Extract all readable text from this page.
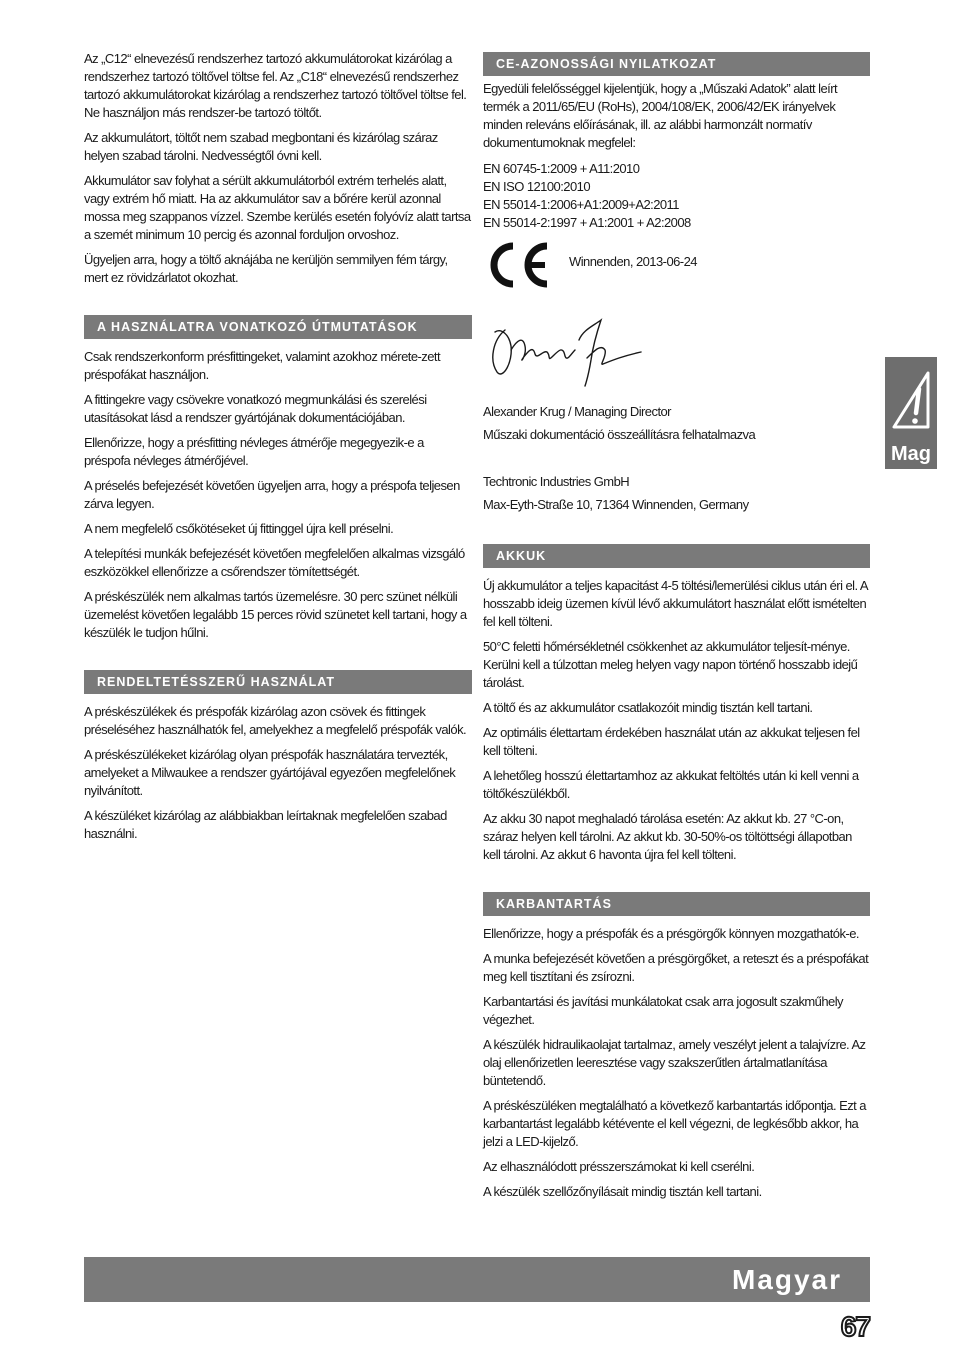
Az „C12“ elnevezésű rendszerhez tartozó akkumulátorokat kizárólag a rendszerhez tartozó töltővel töltse fel. Az „C18“ elnevezésű rendszerhez tartozó akkumulátorokat kizárólag a rendszerhez tartozó töltővel töltse fel. Ne használjon más rendszer-be tartozó töltőt.

Az akkumulátort, töltőt nem szabad megbontani és kizárólag száraz helyen szabad tárolni. Nedvességtől óvni kell.

Akkumulátor sav folyhat a sérült akkumulátorból extrém terhelés alatt, vagy extrém hő miatt. Ha az akkumulátor sav a bőrére kerül azonnal mossa meg szappanos vízzel. Szembe kerülés esetén folyóvíz alatt tartsa a szemét minimum 10 percig és azonnal forduljon orvoshoz.

Ügyeljen arra, hogy a töltő aknájába ne kerüljön semmilyen fém tárgy, mert ez rövidzárlatot okozhat.

A HASZNÁLATRA VONATKOZÓ ÚTMUTATÁSOK

Csak rendszerkonform présfittingeket, valamint azokhoz mérete-zett préspofákat használjon.

A fittingekre vagy csövekre vonatkozó megmunkálási és szerelési utasításokat lásd a rendszer gyártójának dokumentációjában.

Ellenőrizze, hogy a présfitting névleges átmérője megegyezik-e a préspofa névleges átmérőjével.

A préselés befejezését követően ügyeljen arra, hogy a préspofa teljesen zárva legyen.

A nem megfelelő csőkötéseket új fittinggel újra kell préselni.

A telepítési munkák befejezését követően megfelelően alkalmas vizsgáló eszközökkel ellenőrizze a csőrendszer tömítettségét.

A préskészülék nem alkalmas tartós üzemelésre. 30 perc szünet nélküli üzemelést követően legalább 15 perces rövid szünetet kell tartani, hogy a készülék le tudjon hűlni.

RENDELTETÉSSZERŰ HASZNÁLAT

A préskészülékek és préspofák kizárólag azon csövek és fittingek préseléséhez használhatók fel, amelyekhez a megfelelő préspofák valók.

A préskészülékeket kizárólag olyan préspofák használatára tervezték, amelyeket a Milwaukee a rendszer gyártójával egyezően megfelelőnek nyilvánított.

A készüléket kizárólag az alábbiakban leírtaknak megfelelően szabad használni.

CE-AZONOSSÁGI NYILATKOZAT

Egyedüli felelősséggel kijelentjük, hogy a „Műszaki Adatok” alatt leírt termék a 2011/65/EU (RoHs), 2004/108/EK, 2006/42/EK irányelvek minden releváns előírásának, ill. az alábbi harmonzált normatív dokumentumoknak megfelel:

EN 60745-1:2009 + A11:2010
EN ISO 12100:2010
EN 55014-1:2006+A1:2009+A2:2011
EN 55014-2:1997 + A1:2001 + A2:2008
Winnenden, 2013-06-24
Alexander Krug / Managing Director
Műszaki dokumentáció összeállításra felhatalmazva
Techtronic Industries GmbH
Max-Eyth-Straße 10, 71364 Winnenden, Germany
AKKUK

Új akkumulátor a teljes kapacitást 4-5 töltési/lemerülési ciklus után éri el. A hosszabb ideig üzemen kívül lévő akkumulátort használat előtt ismételten fel kell tölteni.

50°C feletti hőmérsékletnél csökkenhet az akkumulátor teljesít-ménye. Kerülni kell a túlzottan meleg helyen vagy napon történő hosszabb idejű tárolást.

A töltő és az akkumulátor csatlakozóit mindig tisztán kell tartani.

Az optimális élettartam érdekében használat után az akkukat teljesen fel kell tölteni.

A lehetőleg hosszú élettartamhoz az akkukat feltöltés után ki kell venni a töltőkészülékből.

Az akku 30 napot meghaladó tárolása esetén: Az akkut kb. 27 °C-on, száraz helyen kell tárolni. Az akkut kb. 30-50%-os töltöttségi állapotban kell tárolni. Az akkut 6 havonta újra fel kell tölteni.

KARBANTARTÁS

Ellenőrizze, hogy a préspofák és a présgörgők könnyen mozgathatók-e.

A munka befejezését követően a présgörgőket, a reteszt és a préspofákat meg kell tisztítani és zsírozni.

Karbantartási és javítási munkálatokat csak arra jogosult szakműhely végezhet.

A készülék hidraulikaolajat tartalmaz, amely veszélyt jelent a talajvízre. Az olaj ellenőrizetlen leeresztése vagy szakszerűtlen ártalmatlanítása büntetendő.

A préskészüléken megtalálható a következő karbantartás időpontja. Ezt a karbantartást legalább kétévente el kell végezni, de legkésőbb akkor, ha jelzi a LED-kijelző.

Az elhasználódott présszerszámokat ki kell cserélni.

A készülék szellőzőnyílásait mindig tisztán kell tartani.

Mag
Magyar
67
